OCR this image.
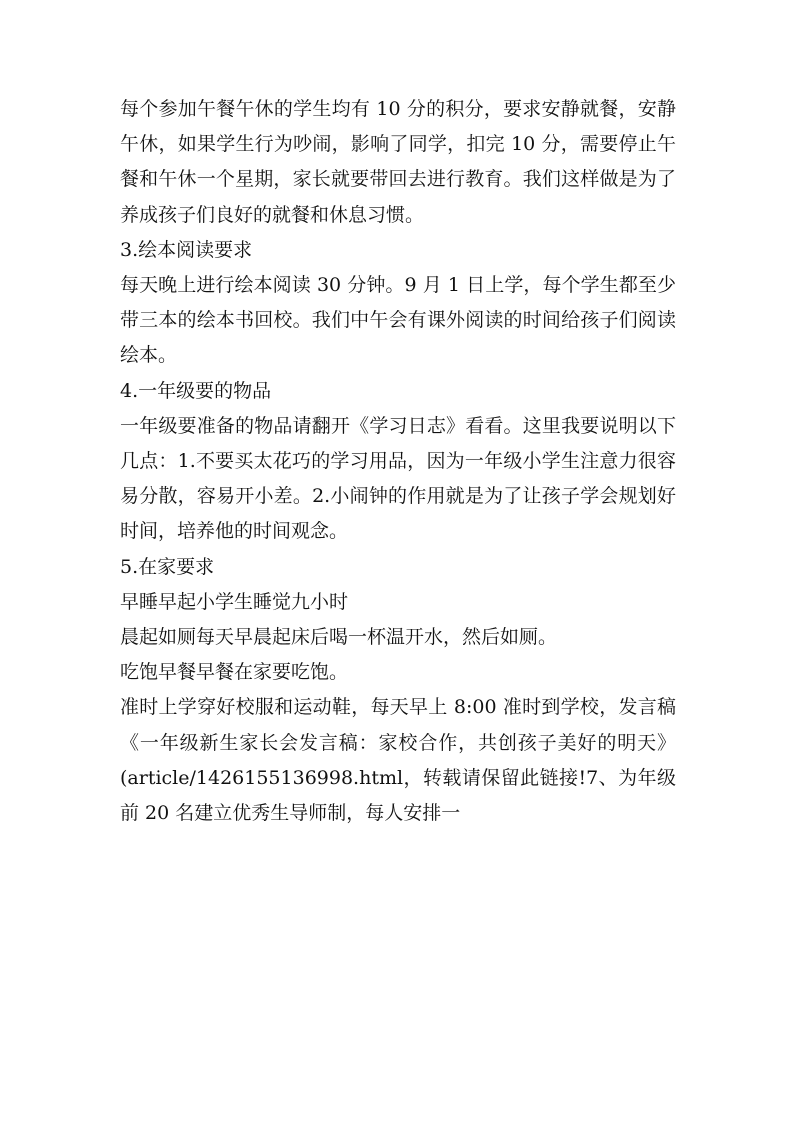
每个参加午餐午休的学生均有 10 分的积分，要求安静就餐，安静午休，如果学生行为吵闹，影响了同学，扣完 10 分，需要停止午餐和午休一个星期，家长就要带回去进行教育。我们这样做是为了养成孩子们良好的就餐和休息习惯。

3.绘本阅读要求

每天晚上进行绘本阅读 30 分钟。9 月 1 日上学，每个学生都至少带三本的绘本书回校。我们中午会有课外阅读的时间给孩子们阅读绘本。

4.一年级要的物品

一年级要准备的物品请翻开《学习日志》看看。这里我要说明以下几点：1.不要买太花巧的学习用品，因为一年级小学生注意力很容易分散，容易开小差。2.小闹钟的作用就是为了让孩子学会规划好时间，培养他的时间观念。

5.在家要求

早睡早起小学生睡觉九小时

晨起如厕每天早晨起床后喝一杯温开水，然后如厕。

吃饱早餐早餐在家要吃饱。

准时上学穿好校服和运动鞋，每天早上 8:00 准时到学校，发言稿《一年级新生家长会发言稿：家校合作，共创孩子美好的明天》(article/1426155136998.html，转载请保留此链接!7、为年级前 20 名建立优秀生导师制，每人安排一
